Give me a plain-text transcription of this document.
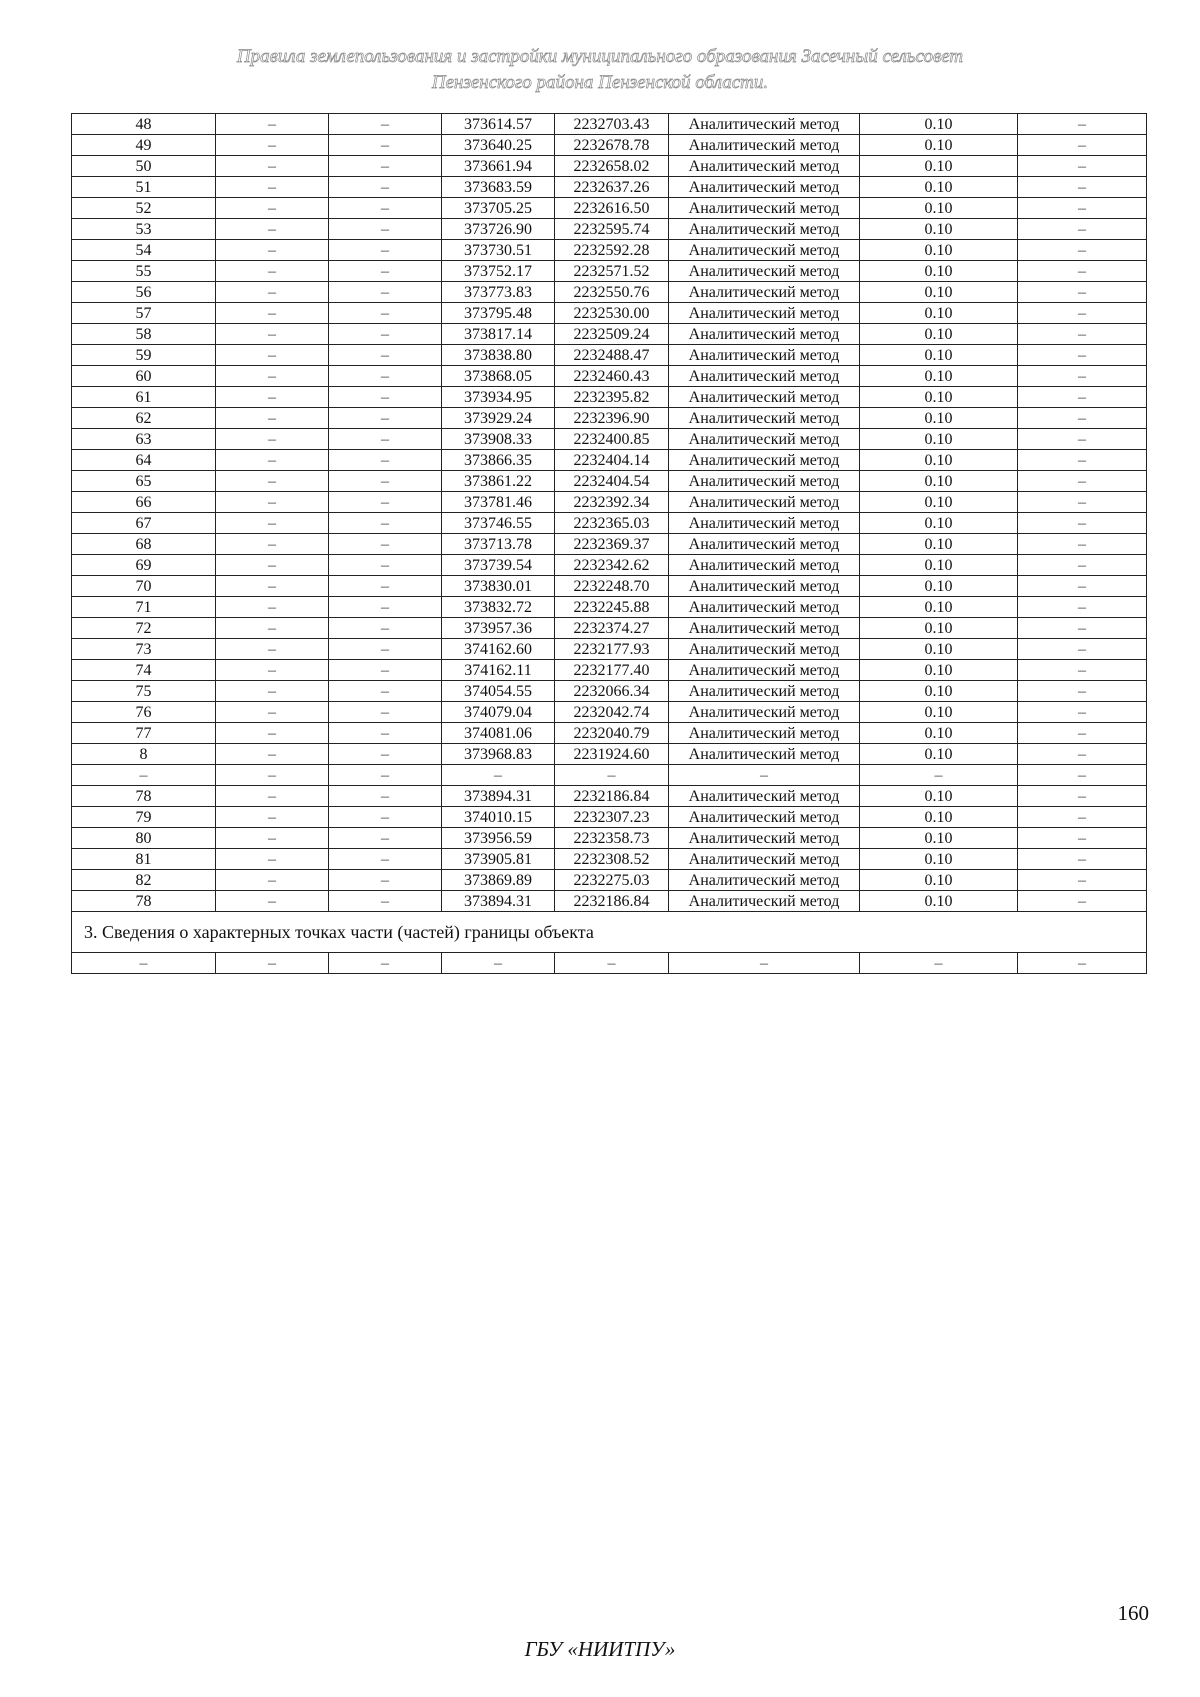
Правила землепользования и застройки муниципального образования Засечный сельсовет
Пензенского района Пензенской области.
48	–	–	373614.57	2232703.43	Аналитический метод	0.10	–
49	–	–	373640.25	2232678.78	Аналитический метод	0.10	–
50	–	–	373661.94	2232658.02	Аналитический метод	0.10	–
51	–	–	373683.59	2232637.26	Аналитический метод	0.10	–
52	–	–	373705.25	2232616.50	Аналитический метод	0.10	–
53	–	–	373726.90	2232595.74	Аналитический метод	0.10	–
54	–	–	373730.51	2232592.28	Аналитический метод	0.10	–
55	–	–	373752.17	2232571.52	Аналитический метод	0.10	–
56	–	–	373773.83	2232550.76	Аналитический метод	0.10	–
57	–	–	373795.48	2232530.00	Аналитический метод	0.10	–
58	–	–	373817.14	2232509.24	Аналитический метод	0.10	–
59	–	–	373838.80	2232488.47	Аналитический метод	0.10	–
60	–	–	373868.05	2232460.43	Аналитический метод	0.10	–
61	–	–	373934.95	2232395.82	Аналитический метод	0.10	–
62	–	–	373929.24	2232396.90	Аналитический метод	0.10	–
63	–	–	373908.33	2232400.85	Аналитический метод	0.10	–
64	–	–	373866.35	2232404.14	Аналитический метод	0.10	–
65	–	–	373861.22	2232404.54	Аналитический метод	0.10	–
66	–	–	373781.46	2232392.34	Аналитический метод	0.10	–
67	–	–	373746.55	2232365.03	Аналитический метод	0.10	–
68	–	–	373713.78	2232369.37	Аналитический метод	0.10	–
69	–	–	373739.54	2232342.62	Аналитический метод	0.10	–
70	–	–	373830.01	2232248.70	Аналитический метод	0.10	–
71	–	–	373832.72	2232245.88	Аналитический метод	0.10	–
72	–	–	373957.36	2232374.27	Аналитический метод	0.10	–
73	–	–	374162.60	2232177.93	Аналитический метод	0.10	–
74	–	–	374162.11	2232177.40	Аналитический метод	0.10	–
75	–	–	374054.55	2232066.34	Аналитический метод	0.10	–
76	–	–	374079.04	2232042.74	Аналитический метод	0.10	–
77	–	–	374081.06	2232040.79	Аналитический метод	0.10	–
8	–	–	373968.83	2231924.60	Аналитический метод	0.10	–
–	–	–	–	–	–	–	–
78	–	–	373894.31	2232186.84	Аналитический метод	0.10	–
79	–	–	374010.15	2232307.23	Аналитический метод	0.10	–
80	–	–	373956.59	2232358.73	Аналитический метод	0.10	–
81	–	–	373905.81	2232308.52	Аналитический метод	0.10	–
82	–	–	373869.89	2232275.03	Аналитический метод	0.10	–
78	–	–	373894.31	2232186.84	Аналитический метод	0.10	–
3. Сведения о характерных точках части (частей) границы объекта							
–	–	–	–	–	–	–	–
160
ГБУ «НИИТПУ»
